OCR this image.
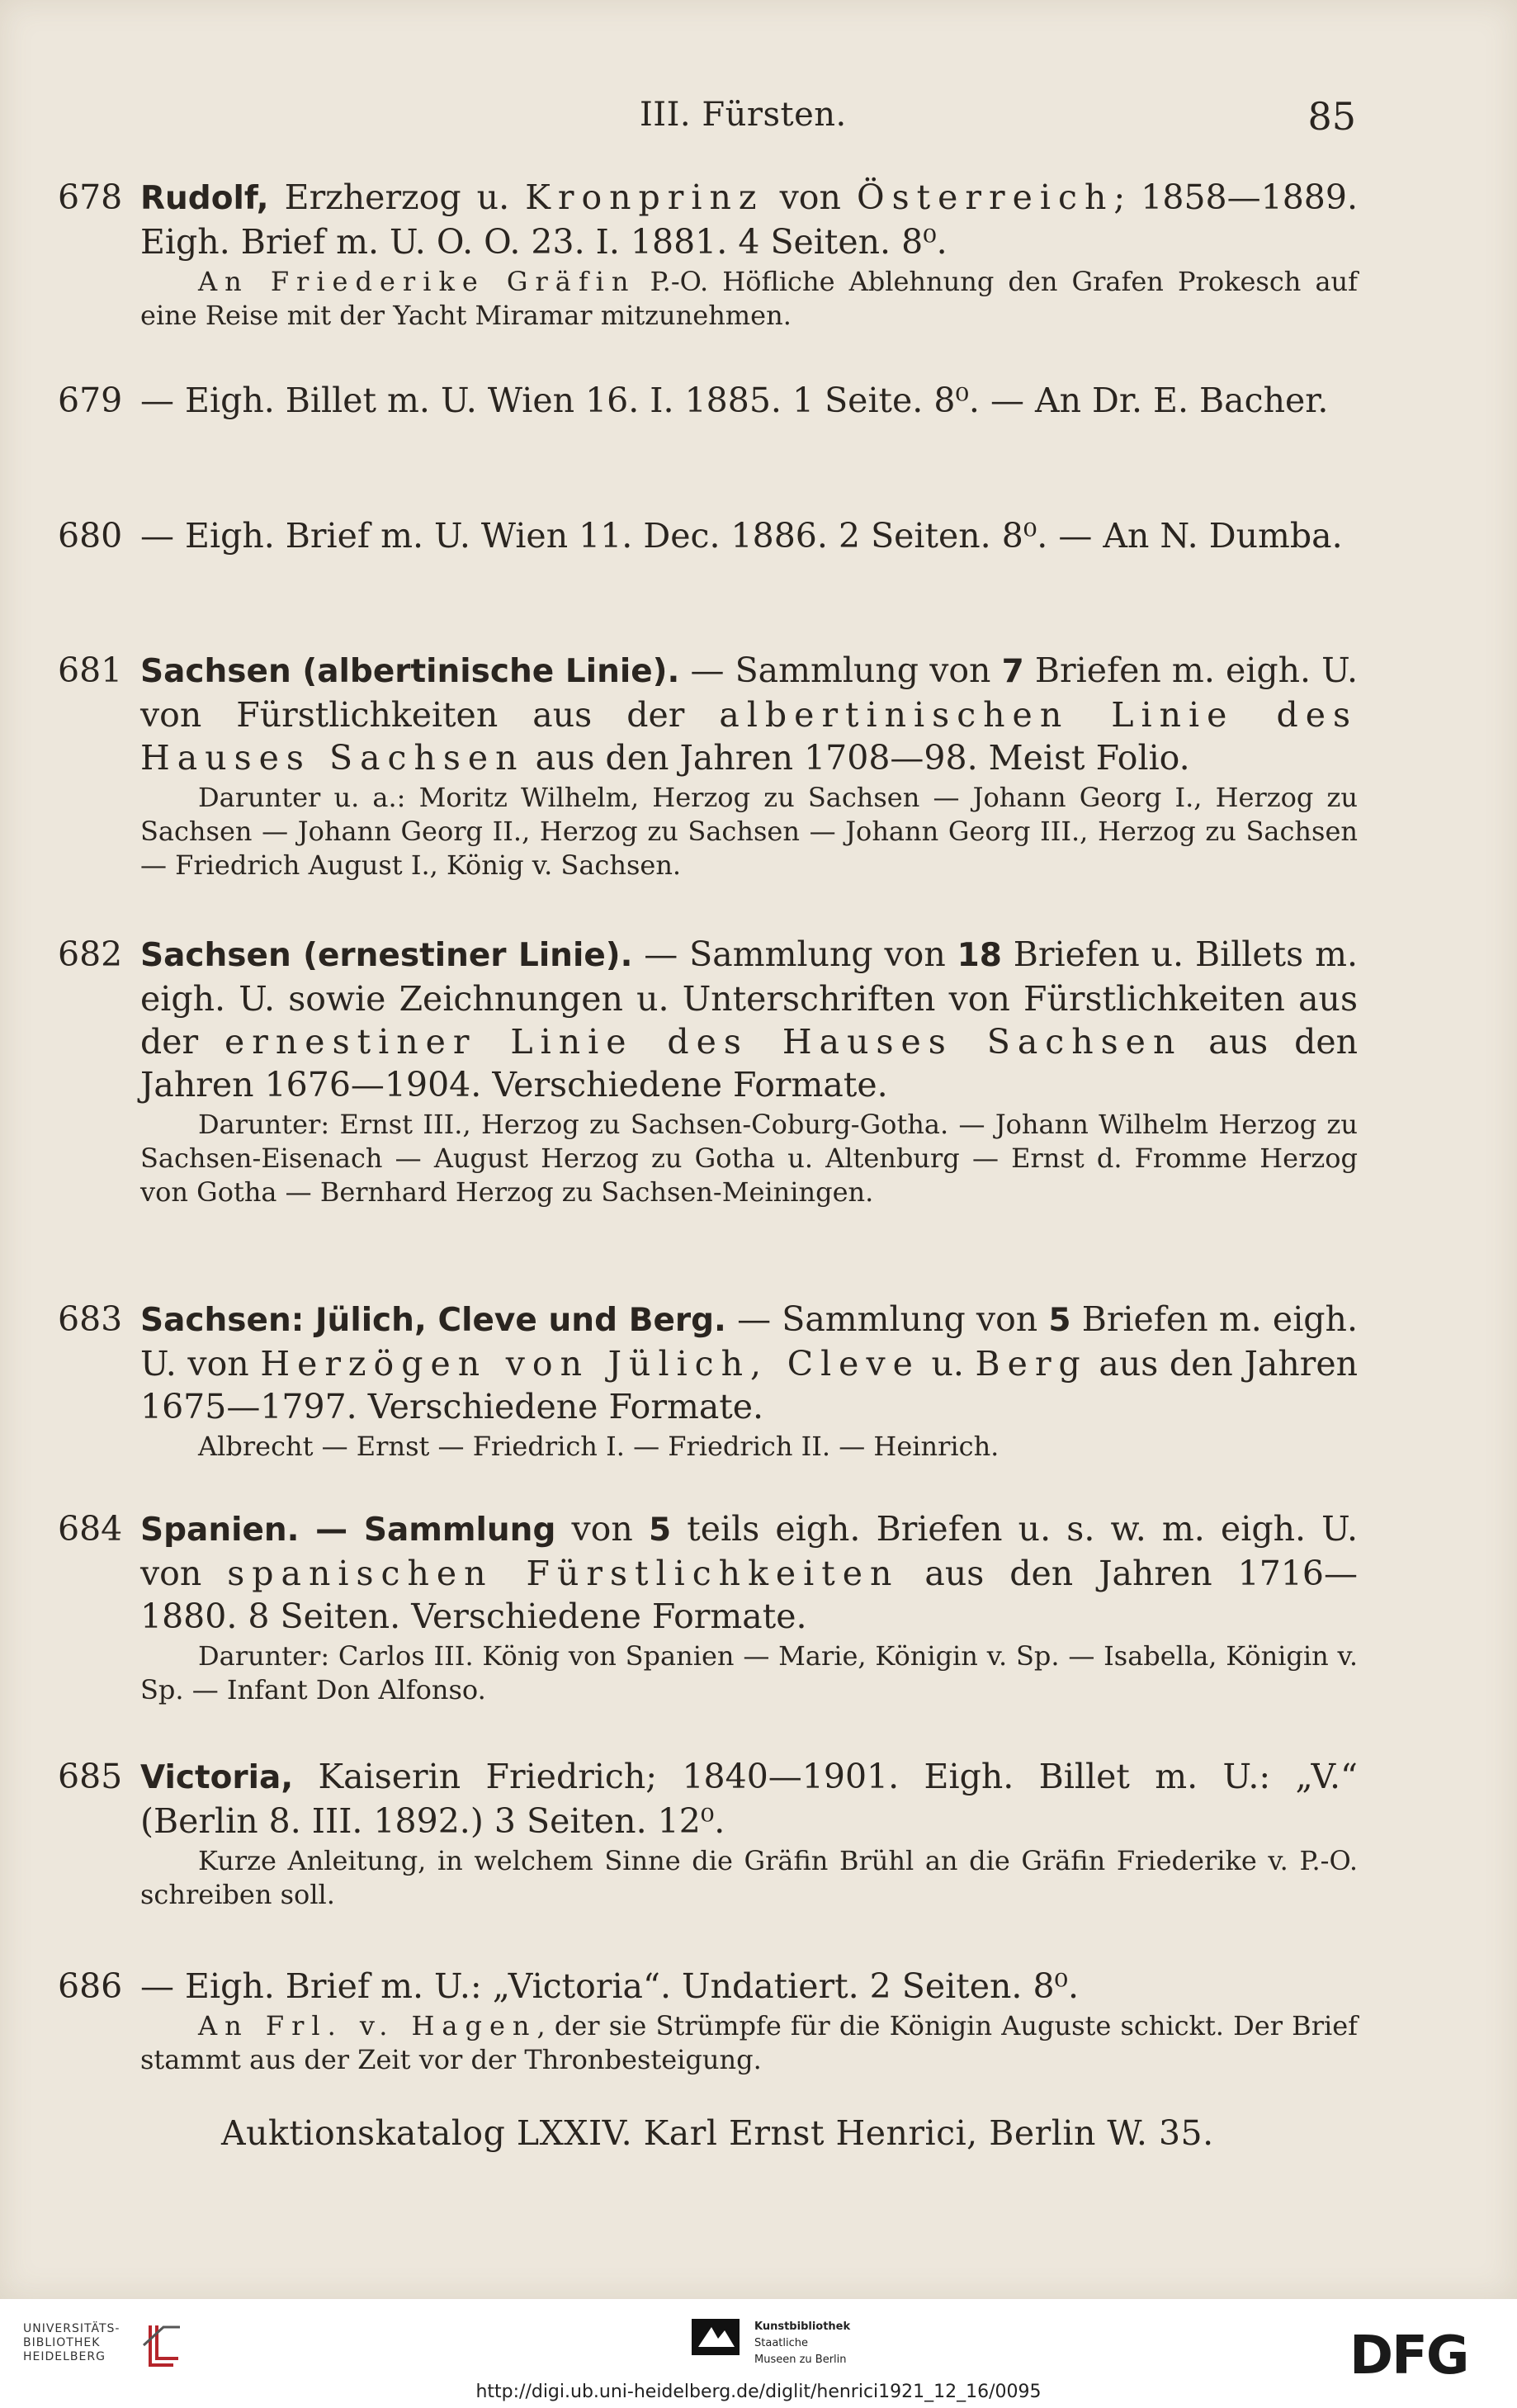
III. Fürsten.	85
678 Rudolf, Erzherzog u. Kronprinz von Österreich; 1858—1889. Eigh. Brief m. U. O. O. 23. I. 1881. 4 Seiten. 8⁰.
An Friederike Gräfin P.-O. Höfliche Ablehnung den Grafen Prokesch auf eine Reise mit der Yacht Miramar mitzunehmen.
679 — Eigh. Billet m. U. Wien 16. I. 1885. 1 Seite. 8⁰. — An Dr. E. Bacher.
680 — Eigh. Brief m. U. Wien 11. Dec. 1886. 2 Seiten. 8⁰. — An N. Dumba.
681 Sachsen (albertinische Linie). — Sammlung von 7 Briefen m. eigh. U. von Fürstlichkeiten aus der albertinischen Linie des Hauses Sachsen aus den Jahren 1708—98. Meist Folio.
Darunter u. a.: Moritz Wilhelm, Herzog zu Sachsen — Johann Georg I., Herzog zu Sachsen — Johann Georg II., Herzog zu Sachsen — Johann Georg III., Herzog zu Sachsen — Friedrich August I., König v. Sachsen.
682 Sachsen (ernestiner Linie). — Sammlung von 18 Briefen u. Billets m. eigh. U. sowie Zeichnungen u. Unterschriften von Fürstlichkeiten aus der ernestiner Linie des Hauses Sachsen aus den Jahren 1676—1904. Verschiedene Formate.
Darunter: Ernst III., Herzog zu Sachsen-Coburg-Gotha. — Johann Wilhelm Herzog zu Sachsen-Eisenach — August Herzog zu Gotha u. Altenburg — Ernst d. Fromme Herzog von Gotha — Bernhard Herzog zu Sachsen-Meiningen.
683 Sachsen: Jülich, Cleve und Berg. — Sammlung von 5 Briefen m. eigh. U. von Herzögen von Jülich, Cleve u. Berg aus den Jahren 1675—1797. Verschiedene Formate.
Albrecht — Ernst — Friedrich I. — Friedrich II. — Heinrich.
684 Spanien. — Sammlung von 5 teils eigh. Briefen u. s. w. m. eigh. U. von spanischen Fürstlichkeiten aus den Jahren 1716—1880. 8 Seiten. Verschiedene Formate.
Darunter: Carlos III. König von Spanien — Marie, Königin v. Sp. — Isabella, Königin v. Sp. — Infant Don Alfonso.
685 Victoria, Kaiserin Friedrich; 1840—1901. Eigh. Billet m. U.: „V.“ (Berlin 8. III. 1892.) 3 Seiten. 12⁰.
Kurze Anleitung, in welchem Sinne die Gräfin Brühl an die Gräfin Friederike v. P.-O. schreiben soll.
686 — Eigh. Brief m. U.: „Victoria“. Undatiert. 2 Seiten. 8⁰.
An Frl. v. Hagen, der sie Strümpfe für die Königin Auguste schickt. Der Brief stammt aus der Zeit vor der Thronbesteigung.
Auktionskatalog LXXIV. Karl Ernst Henrici, Berlin W. 35.
UNIVERSITÄTS-
BIBLIOTHEK
HEIDELBERG
Kunstbibliothek
Staatliche Museen zu Berlin	DFG
http://digi.ub.uni-heidelberg.de/diglit/henrici1921_12_16/0095
